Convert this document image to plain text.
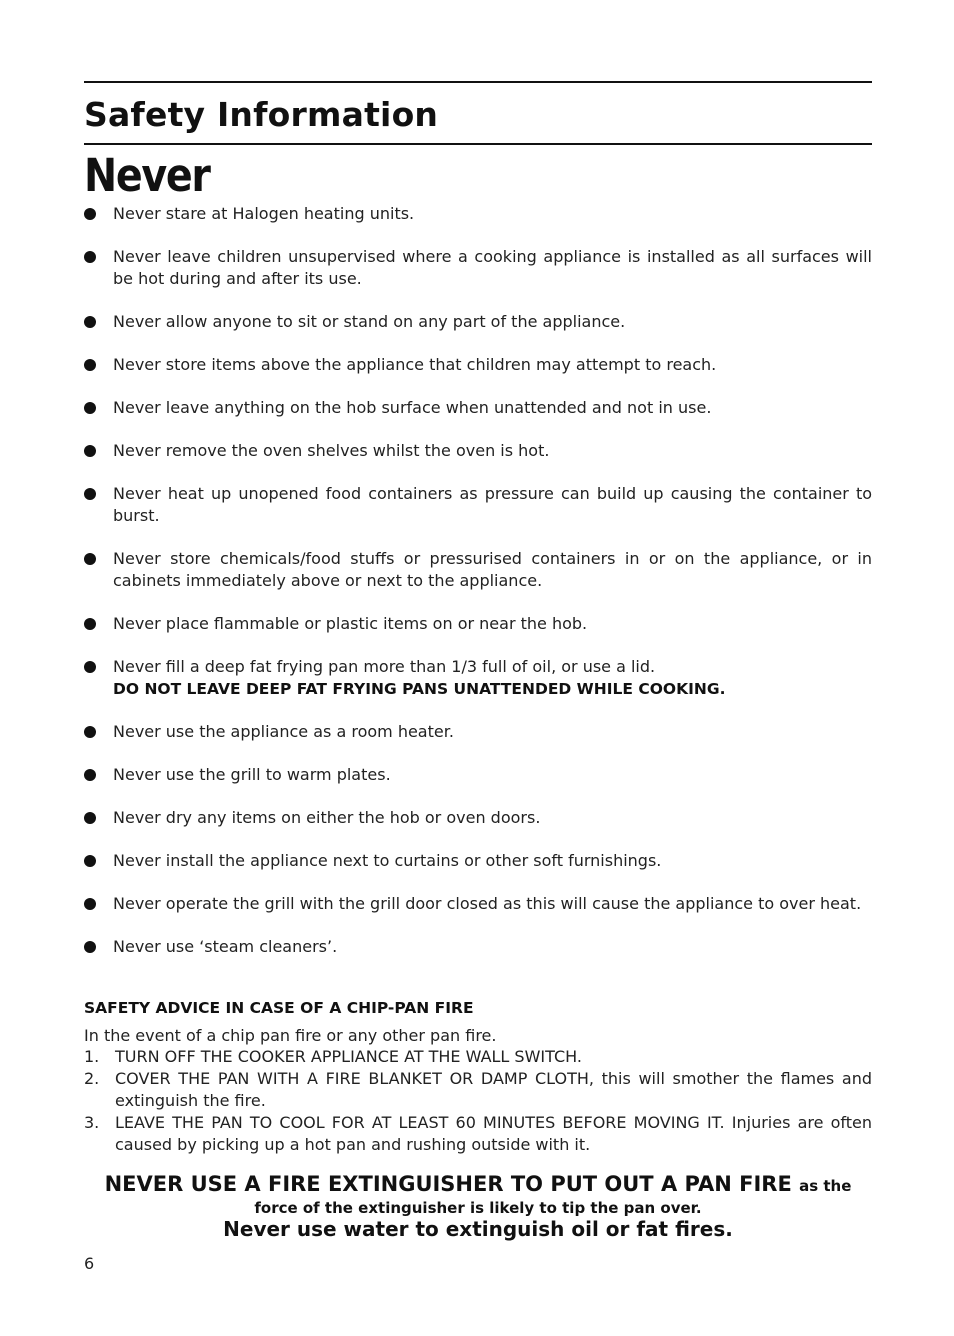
Safety Information
Never
Never stare at Halogen heating units.
Never leave children unsupervised where a cooking appliance is installed as all surfaces will be hot during and after its use.
Never allow anyone to sit or stand on any part of the appliance.
Never store items above the appliance that children may attempt to reach.
Never leave anything on the hob surface when unattended and not in use.
Never remove the oven shelves whilst the oven is hot.
Never heat up unopened food containers as pressure can build up causing the container to burst.
Never store chemicals/food stuffs or pressurised containers in or on the appliance, or in cabinets immediately above or next to the appliance.
Never place flammable or plastic items on or near the hob.
Never fill a deep fat frying pan more than 1/3 full of oil, or use a lid.
DO NOT LEAVE DEEP FAT FRYING PANS UNATTENDED WHILE COOKING.
Never use the appliance as a room heater.
Never use the grill to warm plates.
Never dry any items on either the hob or oven doors.
Never install the appliance next to curtains or other soft furnishings.
Never operate the grill with the grill door closed as this will cause the appliance to over heat.
Never use ‘steam cleaners’.

SAFETY ADVICE IN CASE OF A CHIP-PAN FIRE

In the event of a chip pan fire or any other pan fire.

1. TURN OFF THE COOKER APPLIANCE AT THE WALL SWITCH.
2. COVER THE PAN WITH A FIRE BLANKET OR DAMP CLOTH, this will smother the flames and extinguish the fire.
3. LEAVE THE PAN TO COOL FOR AT LEAST 60 MINUTES BEFORE MOVING IT. Injuries are often caused by picking up a hot pan and rushing outside with it.
NEVER USE A FIRE EXTINGUISHER TO PUT OUT A PAN FIRE as the
force of the extinguisher is likely to tip the pan over.
Never use water to extinguish oil or fat fires.
6
